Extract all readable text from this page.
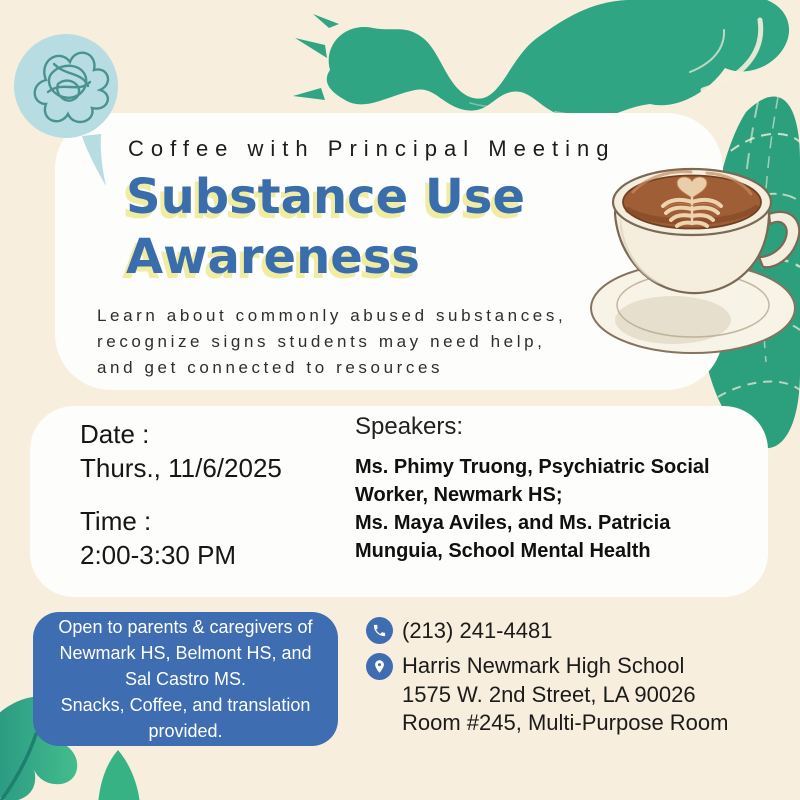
Coffee with Principal Meeting
Substance Use
Awareness
Learn about commonly abused substances,
recognize signs students may need help,
and get connected to resources
Date :
Thurs., 11/6/2025
Time :
2:00-3:30 PM
Speakers:
Ms. Phimy Truong, Psychiatric Social
Worker, Newmark HS;
Ms. Maya Aviles, and Ms. Patricia
Munguia, School Mental Health
Open to parents & caregivers of
Newmark HS, Belmont HS, and
Sal Castro MS.
Snacks, Coffee, and translation
provided.
(213) 241-4481
Harris Newmark High School
1575 W. 2nd Street, LA 90026
Room #245, Multi-Purpose Room
